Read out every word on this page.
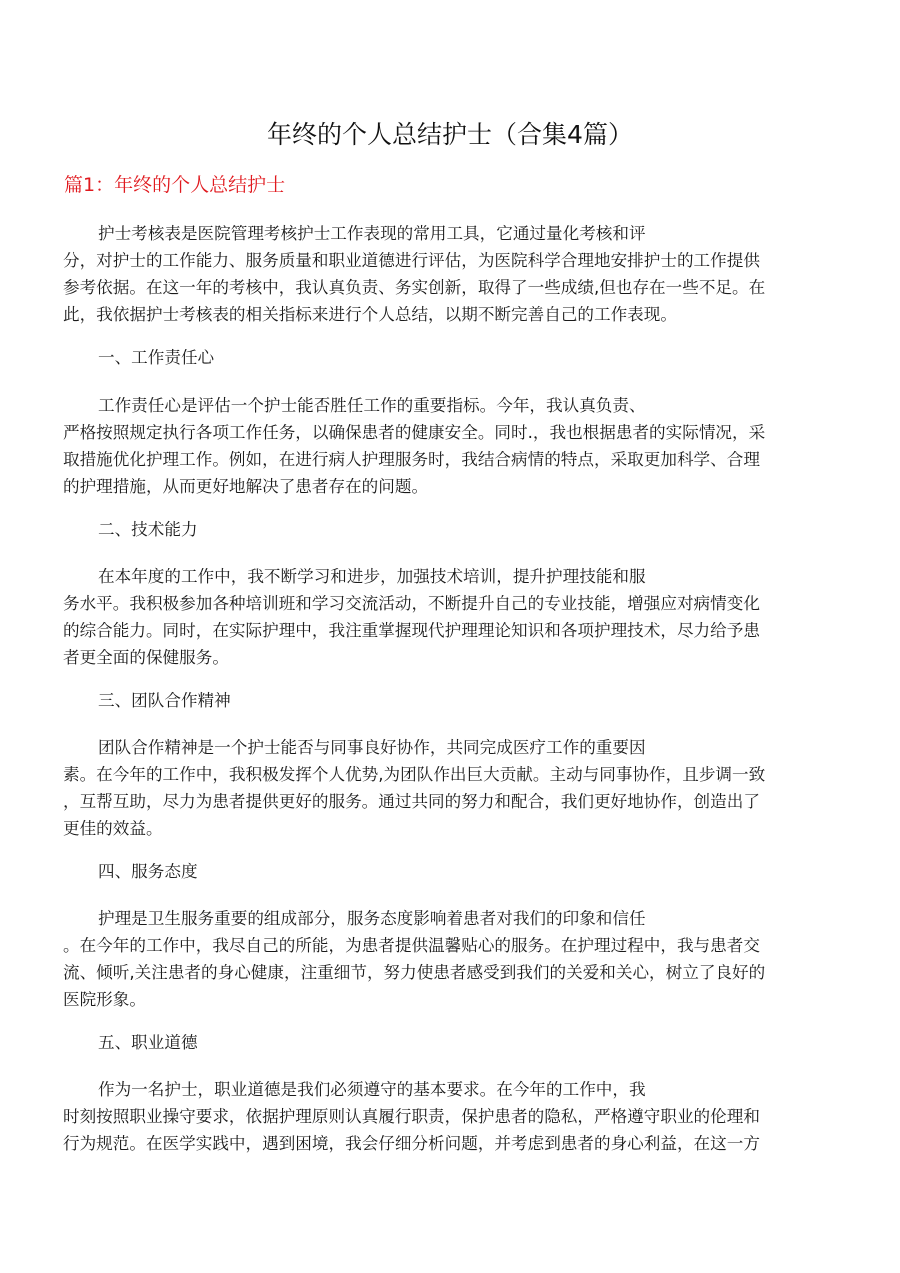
年终的个人总结护士（合集4篇）
篇1：年终的个人总结护士
护士考核表是医院管理考核护士工作表现的常用工具，它通过量化考核和评
分，对护士的工作能力、服务质量和职业道德进行评估，为医院科学合理地安排护士的工作提供
参考依据。在这一年的考核中，我认真负责、务实创新，取得了一些成绩,但也存在一些不足。在
此，我依据护士考核表的相关指标来进行个人总结，以期不断完善自己的工作表现。
一、工作责任心
工作责任心是评估一个护士能否胜任工作的重要指标。今年，我认真负责、
严格按照规定执行各项工作任务，以确保患者的健康安全。同时.，我也根据患者的实际情况，采
取措施优化护理工作。例如，在进行病人护理服务时，我结合病情的特点，采取更加科学、合理
的护理措施，从而更好地解决了患者存在的问题。
二、技术能力
在本年度的工作中，我不断学习和进步，加强技术培训，提升护理技能和服
务水平。我积极参加各种培训班和学习交流活动，不断提升自己的专业技能，增强应对病情变化
的综合能力。同时，在实际护理中，我注重掌握现代护理理论知识和各项护理技术，尽力给予患
者更全面的保健服务。
三、团队合作精神
团队合作精神是一个护士能否与同事良好协作，共同完成医疗工作的重要因
素。在今年的工作中，我积极发挥个人优势,为团队作出巨大贡献。主动与同事协作，且步调一致
，互帮互助，尽力为患者提供更好的服务。通过共同的努力和配合，我们更好地协作，创造出了
更佳的效益。
四、服务态度
护理是卫生服务重要的组成部分，服务态度影响着患者对我们的印象和信任
。在今年的工作中，我尽自己的所能，为患者提供温馨贴心的服务。在护理过程中，我与患者交
流、倾听,关注患者的身心健康，注重细节，努力使患者感受到我们的关爱和关心，树立了良好的
医院形象。
五、职业道德
作为一名护士，职业道德是我们必须遵守的基本要求。在今年的工作中，我
时刻按照职业操守要求，依据护理原则认真履行职责，保护患者的隐私，严格遵守职业的伦理和
行为规范。在医学实践中，遇到困境，我会仔细分析问题，并考虑到患者的身心利益，在这一方
